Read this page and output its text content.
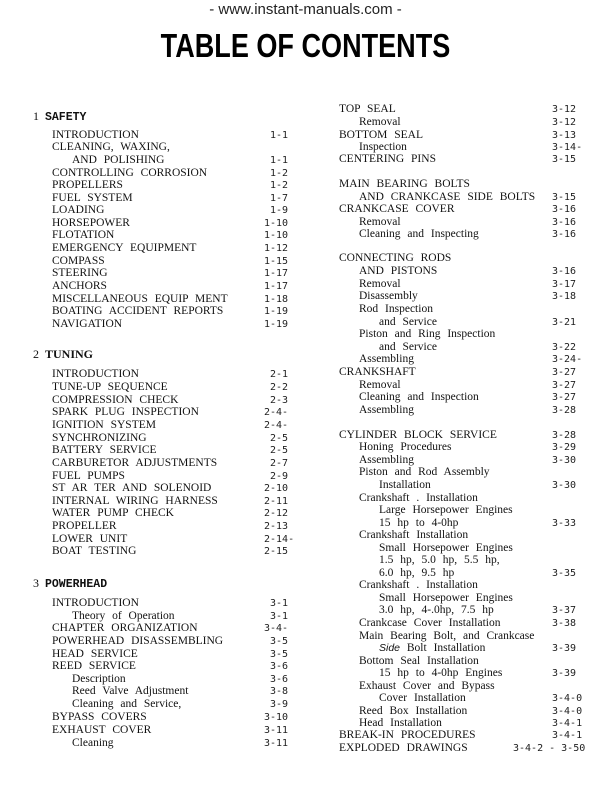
- www.instant-manuals.com -
TABLE OF CONTENTS
1 SAFETY
INTRODUCTION	1-1
CLEANING, WAXING,
AND POLISHING	1-1
CONTROLLING CORROSION	1-2
PROPELLERS	1-2
FUEL SYSTEM	1-7
LOADING	1-9
HORSEPOWER	1-10
FLOTATION	1-10
EMERGENCY EQUIPMENT	1-12
COMPASS	1-15
STEERING	1-17
ANCHORS	1-17
MISCELLANEOUS EQUIP MENT	1-18
BOATING ACCIDENT REPORTS	1-19
NAVIGATION	1-19
2 TUNING
INTRODUCTION	2-1
TUNE-UP SEQUENCE	2-2
COMPRESSION CHECK	2-3
SPARK PLUG INSPECTION	2-4-
IGNITION SYSTEM	2-4-
SYNCHRONIZING	2-5
BATTERY SERVICE	2-5
CARBURETOR ADJUSTMENTS	2-7
FUEL PUMPS	2-9
ST AR TER AND SOLENOID	2-10
INTERNAL WIRING HARNESS	2-11
WATER PUMP CHECK	2-12
PROPELLER	2-13
LOWER UNIT	2-14-
BOAT TESTING	2-15
3 POWERHEAD
INTRODUCTION	3-1
Theory of Operation	3-1
CHAPTER ORGANIZATION	3-4-
POWERHEAD DISASSEMBLING	3-5
HEAD SERVICE	3-5
REED SERVICE	3-6
Description	3-6
Reed Valve Adjustment	3-8
Cleaning and Service,	3-9
BYPASS COVERS	3-10
EXHAUST COVER	3-11
Cleaning	3-11
TOP SEAL	3-12
Removal	3-12
BOTTOM SEAL	3-13
Inspection	3-14-
CENTERING PINS	3-15
MAIN BEARING BOLTS
AND CRANKCASE SIDE BOLTS 3-15
CRANKCASE COVER	3-16
Removal	3-16
Cleaning and Inspecting	3-16
CONNECTING RODS
AND PISTONS	3-16
Removal	3-17
Disassembly	3-18
Rod Inspection
and Service	3-21
Piston and Ring Inspection
and Service	3-22
Assembling	3-24-
CRANKSHAFT	3-27
Removal	3-27
Cleaning and Inspection	3-27
Assembling	3-28
CYLINDER BLOCK SERVICE	3-28
Honing Procedures	3-29
Assembling	3-30
Piston and Rod Assembly
Installation	3-30
Crankshaft . Installation
Large Horsepower Engines
15 hp to 4-0hp	3-33
Crankshaft Installation
Small Horsepower Engines
1.5 hp, 5.0 hp, 5.5 hp,
6.0 hp, 9.5 hp	3-35
Crankshaft . Installation
Small Horsepower Engines
3.0 hp, 4-.0hp, 7.5 hp	3-37
Crankcase Cover Installation	3-38
Main Bearing Bolt, and Crankcase
Side Bolt Installation	3-39
Bottom Seal Installation
15 hp to 4-0hp Engines	3-39
Exhaust Cover and Bypass
Cover Installation	3-4-0
Reed Box Installation	3-4-0
Head Installation	3-4-1
BREAK-IN PROCEDURES	3-4-1
EXPLODED DRAWINGS	3-4-2 - 3-50
